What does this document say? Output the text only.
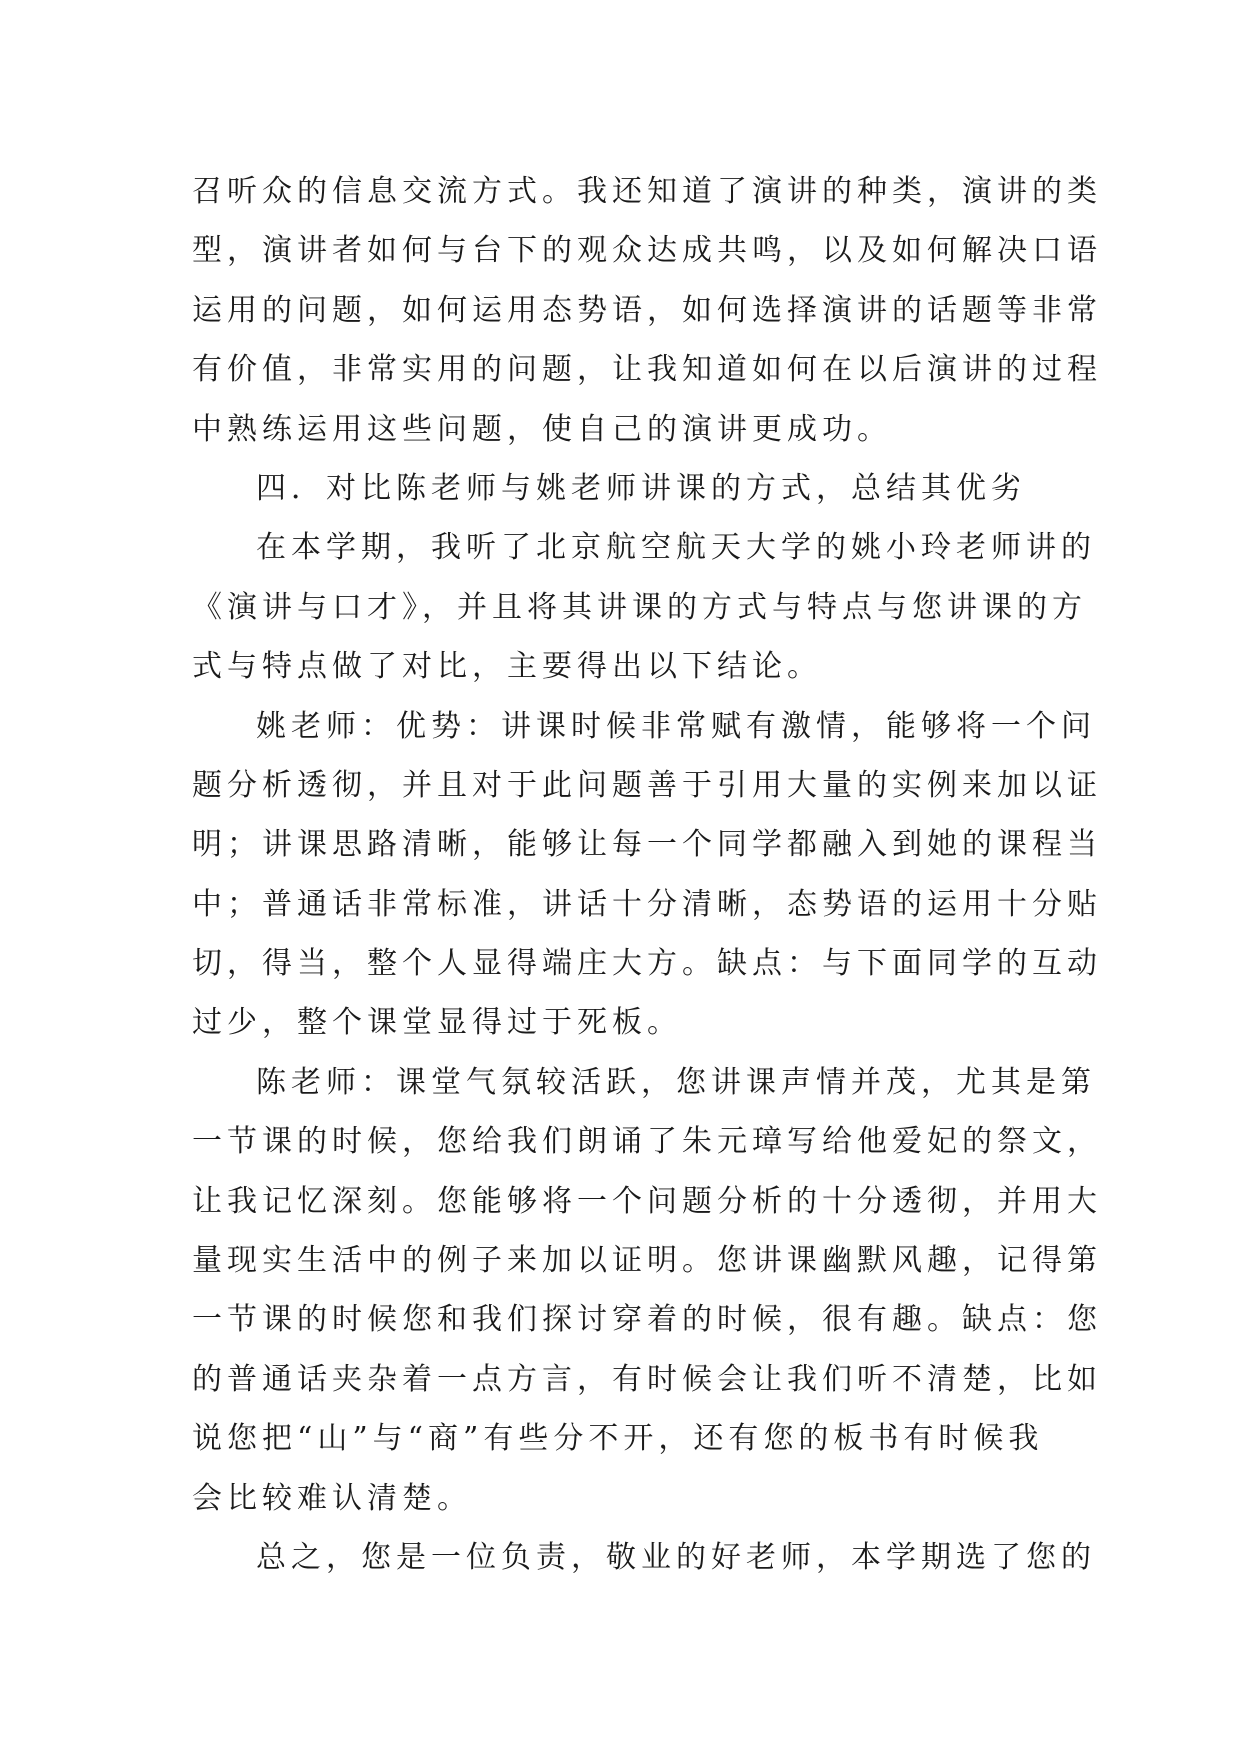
召听众的信息交流方式。我还知道了演讲的种类，演讲的类
型，演讲者如何与台下的观众达成共鸣，以及如何解决口语
运用的问题，如何运用态势语，如何选择演讲的话题等非常
有价值，非常实用的问题，让我知道如何在以后演讲的过程
中熟练运用这些问题，使自己的演讲更成功。
四．对比陈老师与姚老师讲课的方式，总结其优劣
在本学期，我听了北京航空航天大学的姚小玲老师讲的
《演讲与口才》，并且将其讲课的方式与特点与您讲课的方
式与特点做了对比，主要得出以下结论。
姚老师：优势：讲课时候非常赋有激情，能够将一个问
题分析透彻，并且对于此问题善于引用大量的实例来加以证
明；讲课思路清晰，能够让每一个同学都融入到她的课程当
中；普通话非常标准，讲话十分清晰，态势语的运用十分贴
切，得当，整个人显得端庄大方。缺点：与下面同学的互动
过少，整个课堂显得过于死板。
陈老师：课堂气氛较活跃，您讲课声情并茂，尤其是第
一节课的时候，您给我们朗诵了朱元璋写给他爱妃的祭文，
让我记忆深刻。您能够将一个问题分析的十分透彻，并用大
量现实生活中的例子来加以证明。您讲课幽默风趣，记得第
一节课的时候您和我们探讨穿着的时候，很有趣。缺点：您
的普通话夹杂着一点方言，有时候会让我们听不清楚，比如
说您把“山”与“商”有些分不开，还有您的板书有时候我
会比较难认清楚。
总之，您是一位负责，敬业的好老师，本学期选了您的
